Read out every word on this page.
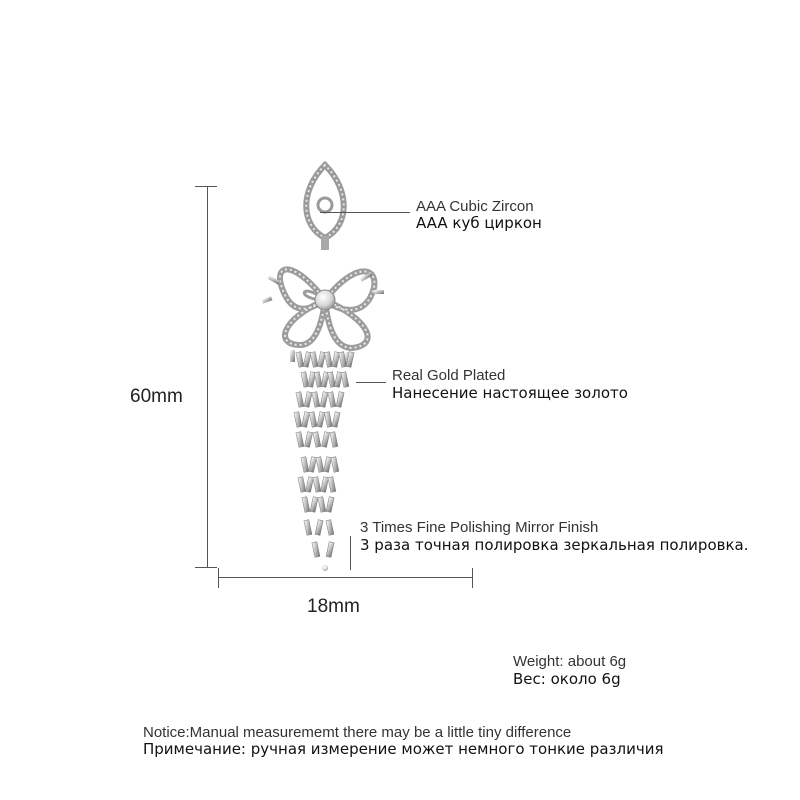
60mm
18mm
AAA Cubic Zircon
AAA куб циркон
Real Gold Plated
Нанесение настоящее золото
3 Times Fine Polishing Mirror Finish
3 раза точная полировка зеркальная полировка.
Weight: about 6g
Вес: около 6g
Notice:Manual measurememt there may be a little tiny difference
Примечание: ручная измерение может немного тонкие различия
